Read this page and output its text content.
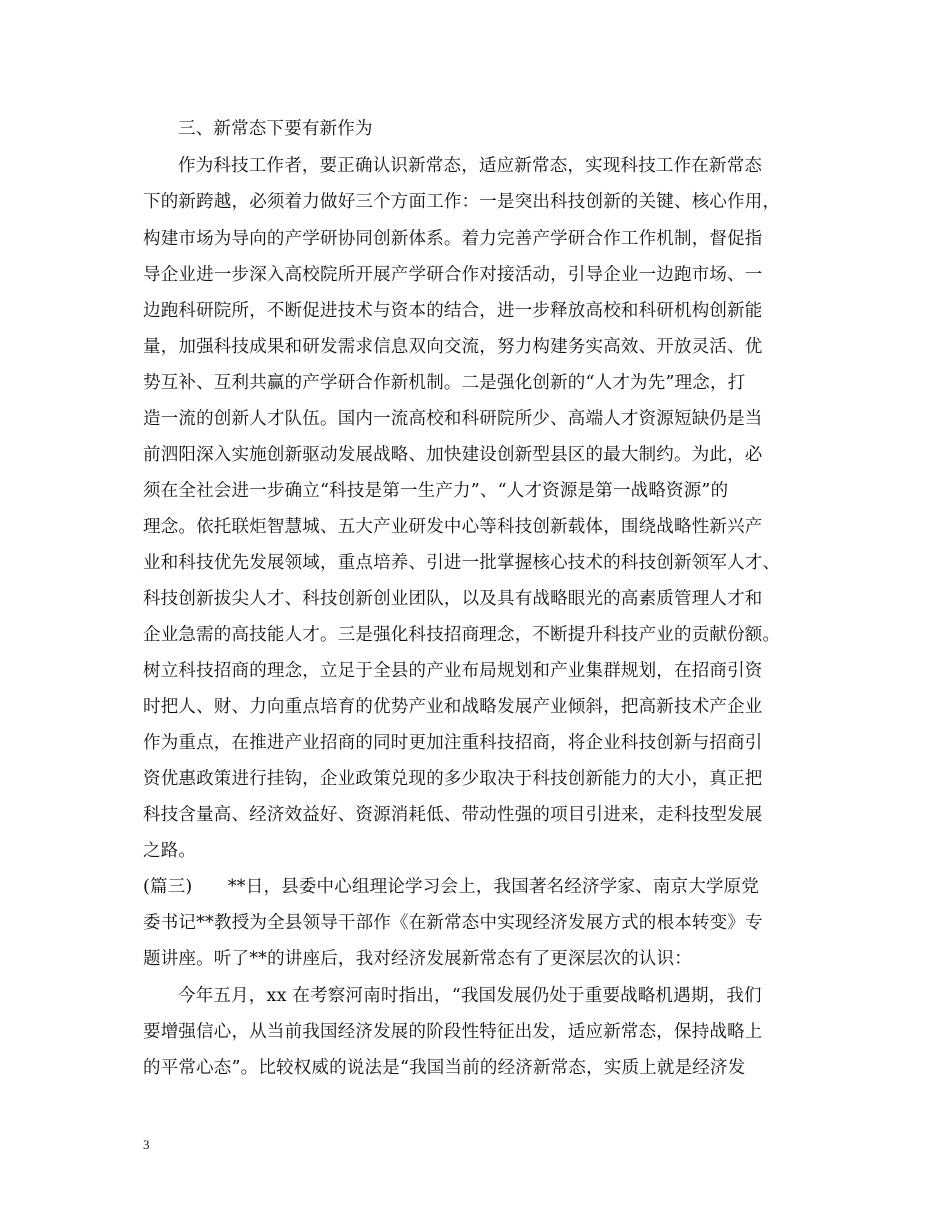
三、新常态下要有新作为
作为科技工作者，要正确认识新常态，适应新常态，实现科技工作在新常态
下的新跨越，必须着力做好三个方面工作：一是突出科技创新的关键、核心作用，
构建市场为导向的产学研协同创新体系。着力完善产学研合作工作机制，督促指
导企业进一步深入高校院所开展产学研合作对接活动，引导企业一边跑市场、一
边跑科研院所，不断促进技术与资本的结合，进一步释放高校和科研机构创新能
量，加强科技成果和研发需求信息双向交流，努力构建务实高效、开放灵活、优
势互补、互利共赢的产学研合作新机制。二是强化创新的“人才为先”理念，打
造一流的创新人才队伍。国内一流高校和科研院所少、高端人才资源短缺仍是当
前泗阳深入实施创新驱动发展战略、加快建设创新型县区的最大制约。为此，必
须在全社会进一步确立“科技是第一生产力”、“人才资源是第一战略资源”的
理念。依托联炬智慧城、五大产业研发中心等科技创新载体，围绕战略性新兴产
业和科技优先发展领域，重点培养、引进一批掌握核心技术的科技创新领军人才、
科技创新拔尖人才、科技创新创业团队，以及具有战略眼光的高素质管理人才和
企业急需的高技能人才。三是强化科技招商理念，不断提升科技产业的贡献份额。
树立科技招商的理念，立足于全县的产业布局规划和产业集群规划，在招商引资
时把人、财、力向重点培育的优势产业和战略发展产业倾斜，把高新技术产企业
作为重点，在推进产业招商的同时更加注重科技招商，将企业科技创新与招商引
资优惠政策进行挂钩，企业政策兑现的多少取决于科技创新能力的大小，真正把
科技含量高、经济效益好、资源消耗低、带动性强的项目引进来，走科技型发展
之路。
(篇三)　　**日，县委中心组理论学习会上，我国著名经济学家、南京大学原党
委书记**教授为全县领导干部作《在新常态中实现经济发展方式的根本转变》专
题讲座。听了**的讲座后，我对经济发展新常态有了更深层次的认识：
今年五月，xx 在考察河南时指出，“我国发展仍处于重要战略机遇期，我们
要增强信心，从当前我国经济发展的阶段性特征出发，适应新常态，保持战略上
的平常心态”。比较权威的说法是“我国当前的经济新常态，实质上就是经济发
3
